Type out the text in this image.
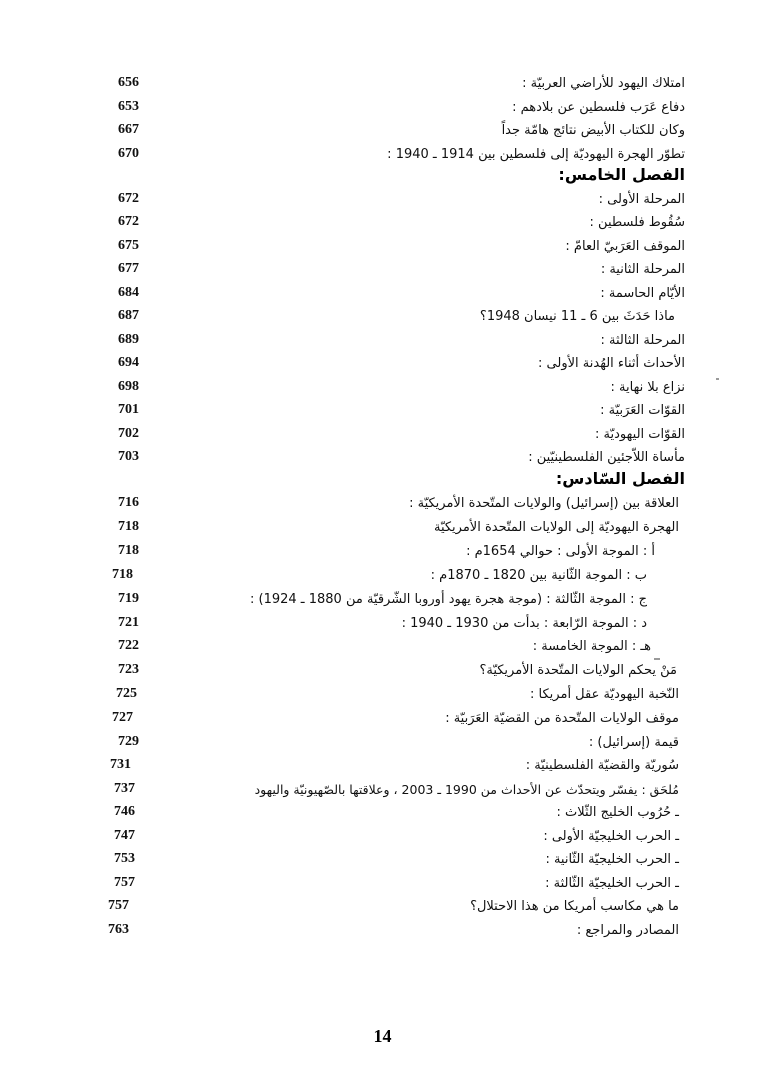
656	امتلاك اليهود للأراضي العربيّة :
653	دفاع عَرَب فلسطين عن بلادهم :
667	وكان للكتاب الأبيض نتائج هامّة جداً
670	تطوّر الهجرة اليهوديّة إلى فلسطين بين 1914 ـ 1940 :
الفصل الخامس:
672	المرحلة الأولى :
672	سُقُوط فلسطين :
675	الموقف العَرَبيّ العامّ :
677	المرحلة الثانية :
684	الأيّام الحاسمة :
687	ماذا حَدَثَ بين 6 ـ 11 نيسان 1948؟
689	المرحلة الثالثة :
694	الأحداث أثناء الهُدنة الأولى :
698	نزاع بلا نهاية :
701	القوّات العَرَبيّة :
702	القوّات اليهوديّة :
703	مأساة اللاّجئين الفلسطينيّين :
الفصل السّادس:
716	العلاقة بين (إسرائيل) والولايات المتّحدة الأمريكيّة :
718	الهجرة اليهوديّة إلى الولايات المتّحدة الأمريكيّة
718	أ : الموجة الأولى : حوالي 1654م :
718	ب : الموجة الثّانية بين 1820 ـ 1870م :
719	ج : الموجة الثّالثة : (موجة هجرة يهود أوروبا الشّرقيّة من 1880 ـ 1924) :
721	د : الموجة الرّابعة : بدأت من 1930 ـ 1940 :
722	هـ : الموجة الخامسة :
723	مَنْ يحكم الولايات المتّحدة الأمريكيّة؟
725	النّخبة اليهوديّة عقل أمريكا :
727	موقف الولايات المتّحدة من القضيّة العَرَبيّة :
729	قيمة (إسرائيل) :
731	سُوريّة والقضيّة الفلسطينيّة :
737	مُلحَق : يفسّر ويتحدّث عن الأحداث من 1990 ـ 2003 ، وعلاقتها بالصّهيونيّة واليهود
746	ـ حُرُوب الخليج الثّلاث :
747	ـ الحرب الخليجيّة الأولى :
753	ـ الحرب الخليجيّة الثّانية :
757	ـ الحرب الخليجيّة الثّالثة :
757	ما هي مكاسب أمريكا من هذا الاحتلال؟
763	المصادر والمراجع :
14
